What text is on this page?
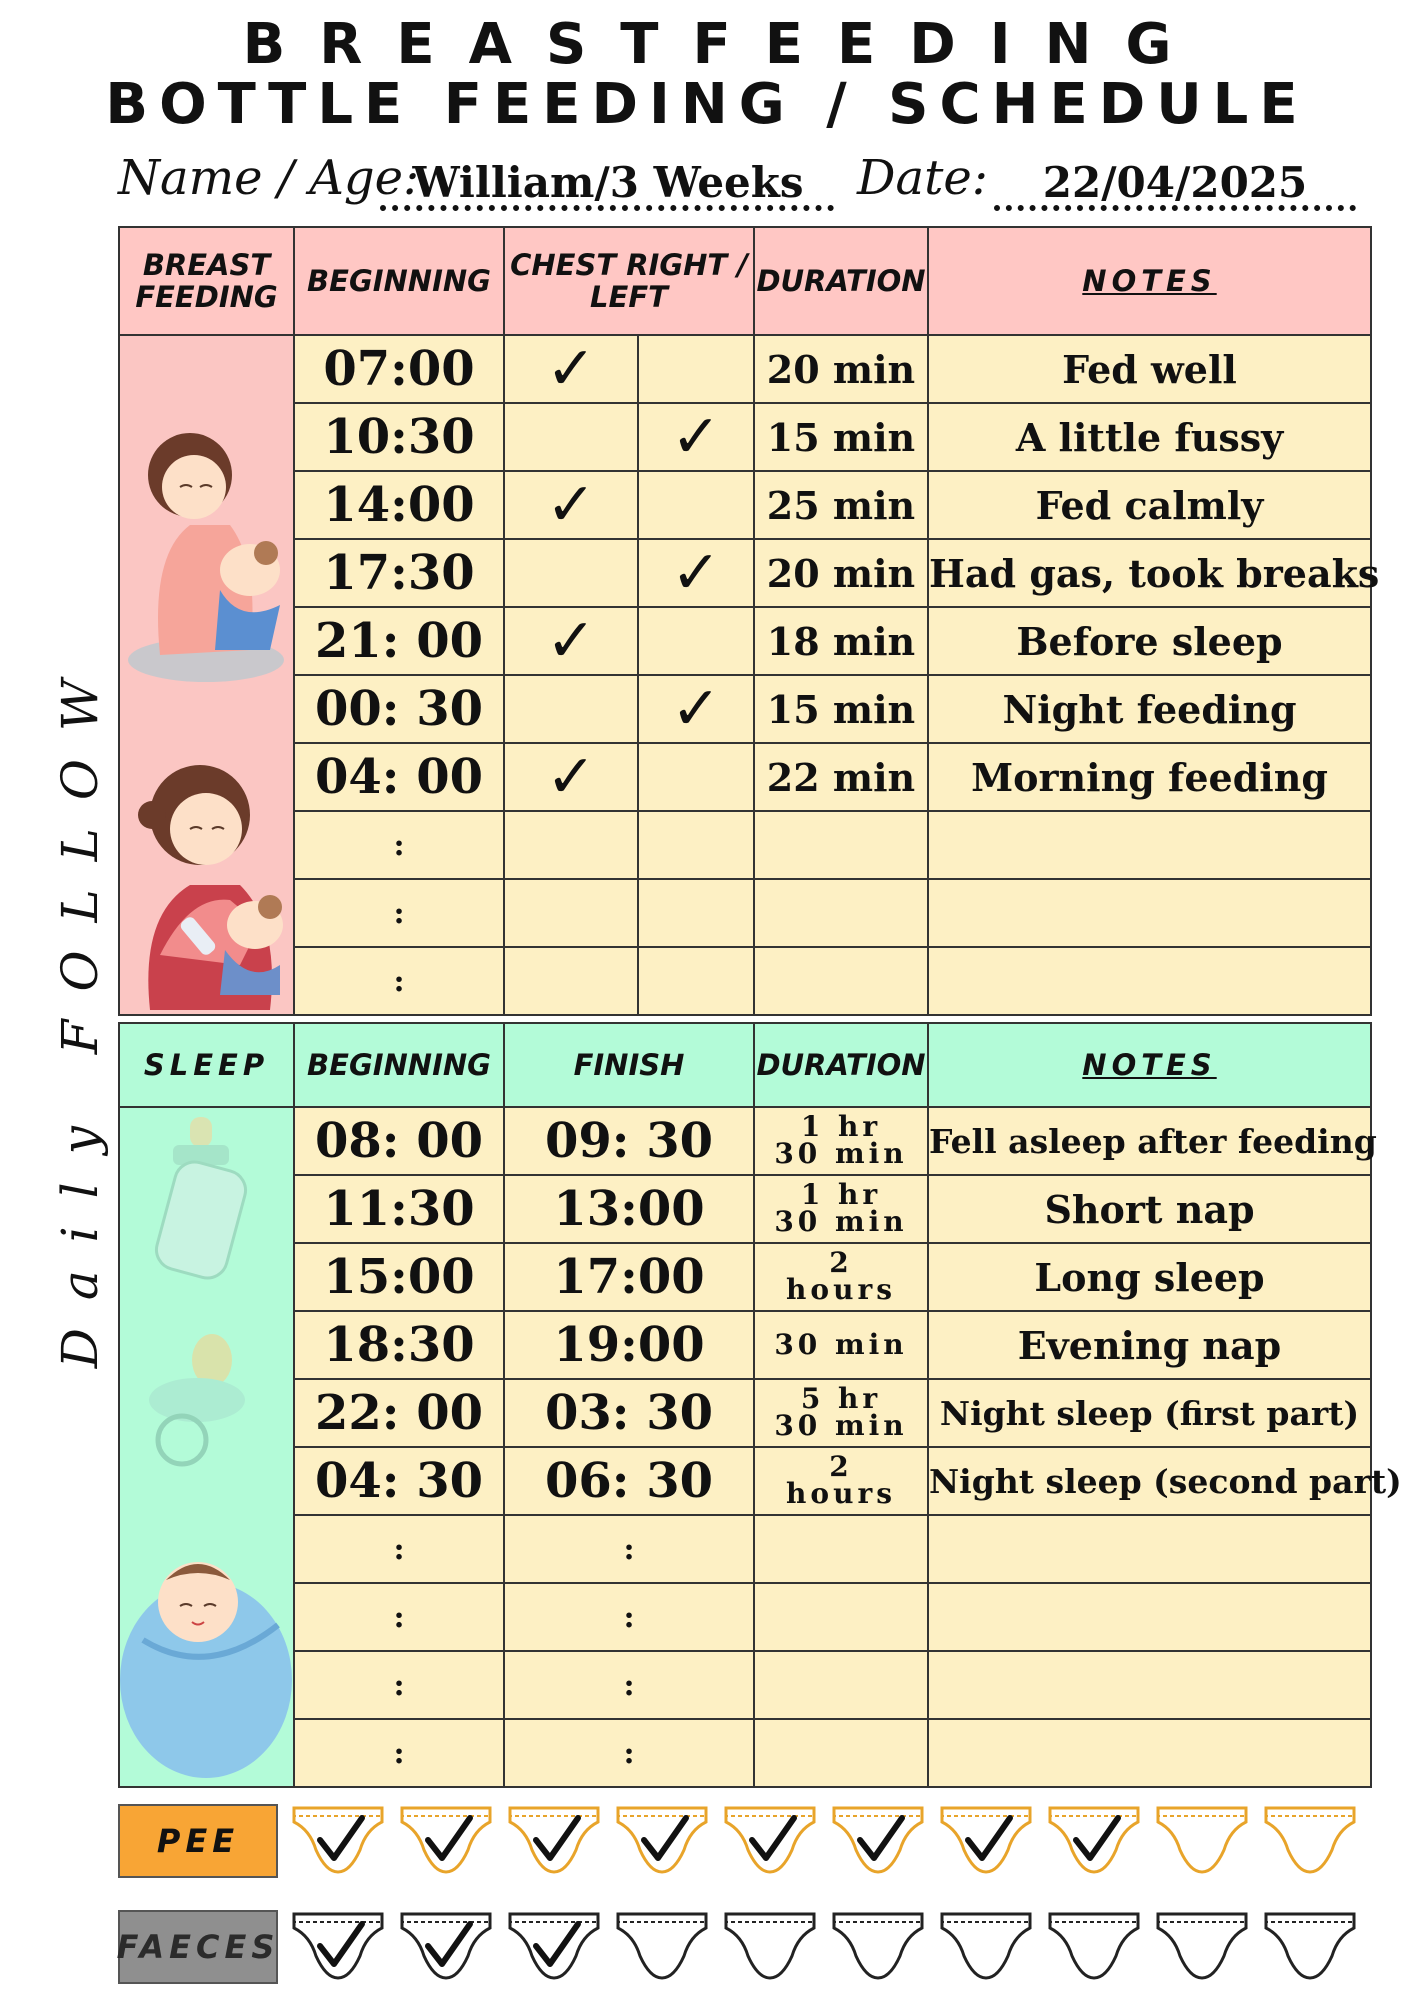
BREASTFEEDING
BOTTLE FEEDING / SCHEDULE
Name / Age:
William/3 Weeks	Date:	22/04/2025
Daily FOLLOW
BREAST FEEDING	BEGINNING	CHEST RIGHT / LEFT		DURATION	NOTES
	07:00	✓		20 min	Fed well
	10:30		✓	15 min	A little fussy
	14:00	✓		25 min	Fed calmly
	17:30		✓	20 min	Had gas, took breaks
	21: 00	✓		18 min	Before sleep
	00: 30		✓	15 min	Night feeding
	04: 00	✓		22 min	Morning feeding
	:				
	:				
	:				
SLEEP	BEGINNING	FINISH	DURATION	NOTES
	08: 00	09: 30	1 hr
30 min	Fell asleep after feeding
	11:30	13:00	1 hr
30 min	Short nap
	15:00	17:00	2
hours	Long sleep
	18:30	19:00	30 min	Evening nap
	22: 00	03: 30	5 hr
30 min	Night sleep (first part)
	04: 30	06: 30	2
hours	Night sleep (second part)
	:	:		
	:	:		
	:	:		
	:	:		
PEE
FAECES
